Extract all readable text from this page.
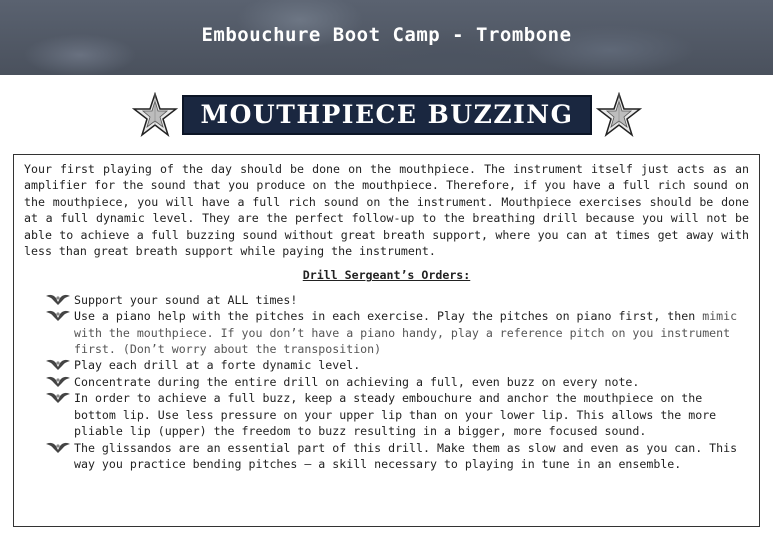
Embouchure Boot Camp - Trombone
MOUTHPIECE BUZZING

Your first playing of the day should be done on the mouthpiece. The instrument itself just acts as an amplifier for the sound that you produce on the mouthpiece. Therefore, if you have a full rich sound on the mouthpiece, you will have a full rich sound on the instrument. Mouthpiece exercises should be done at a full dynamic level. They are the perfect follow-up to the breathing drill because you will not be able to achieve a full buzzing sound without great breath support, where you can at times get away with less than great breath support while paying the instrument.

Drill Sergeant’s Orders:
Support your sound at ALL times!
Use a piano help with the pitches in each exercise. Play the pitches on piano first, then mimic with the mouthpiece. If you don’t have a piano handy, play a reference pitch on you instrument first. (Don’t worry about the transposition)
Play each drill at a forte dynamic level.
Concentrate during the entire drill on achieving a full, even buzz on every note.
In order to achieve a full buzz, keep a steady embouchure and anchor the mouthpiece on the bottom lip. Use less pressure on your upper lip than on your lower lip. This allows the more pliable lip (upper) the freedom to buzz resulting in a bigger, more focused sound.
The glissandos are an essential part of this drill. Make them as slow and even as you can. This way you practice bending pitches – a skill necessary to playing in tune in an ensemble.
